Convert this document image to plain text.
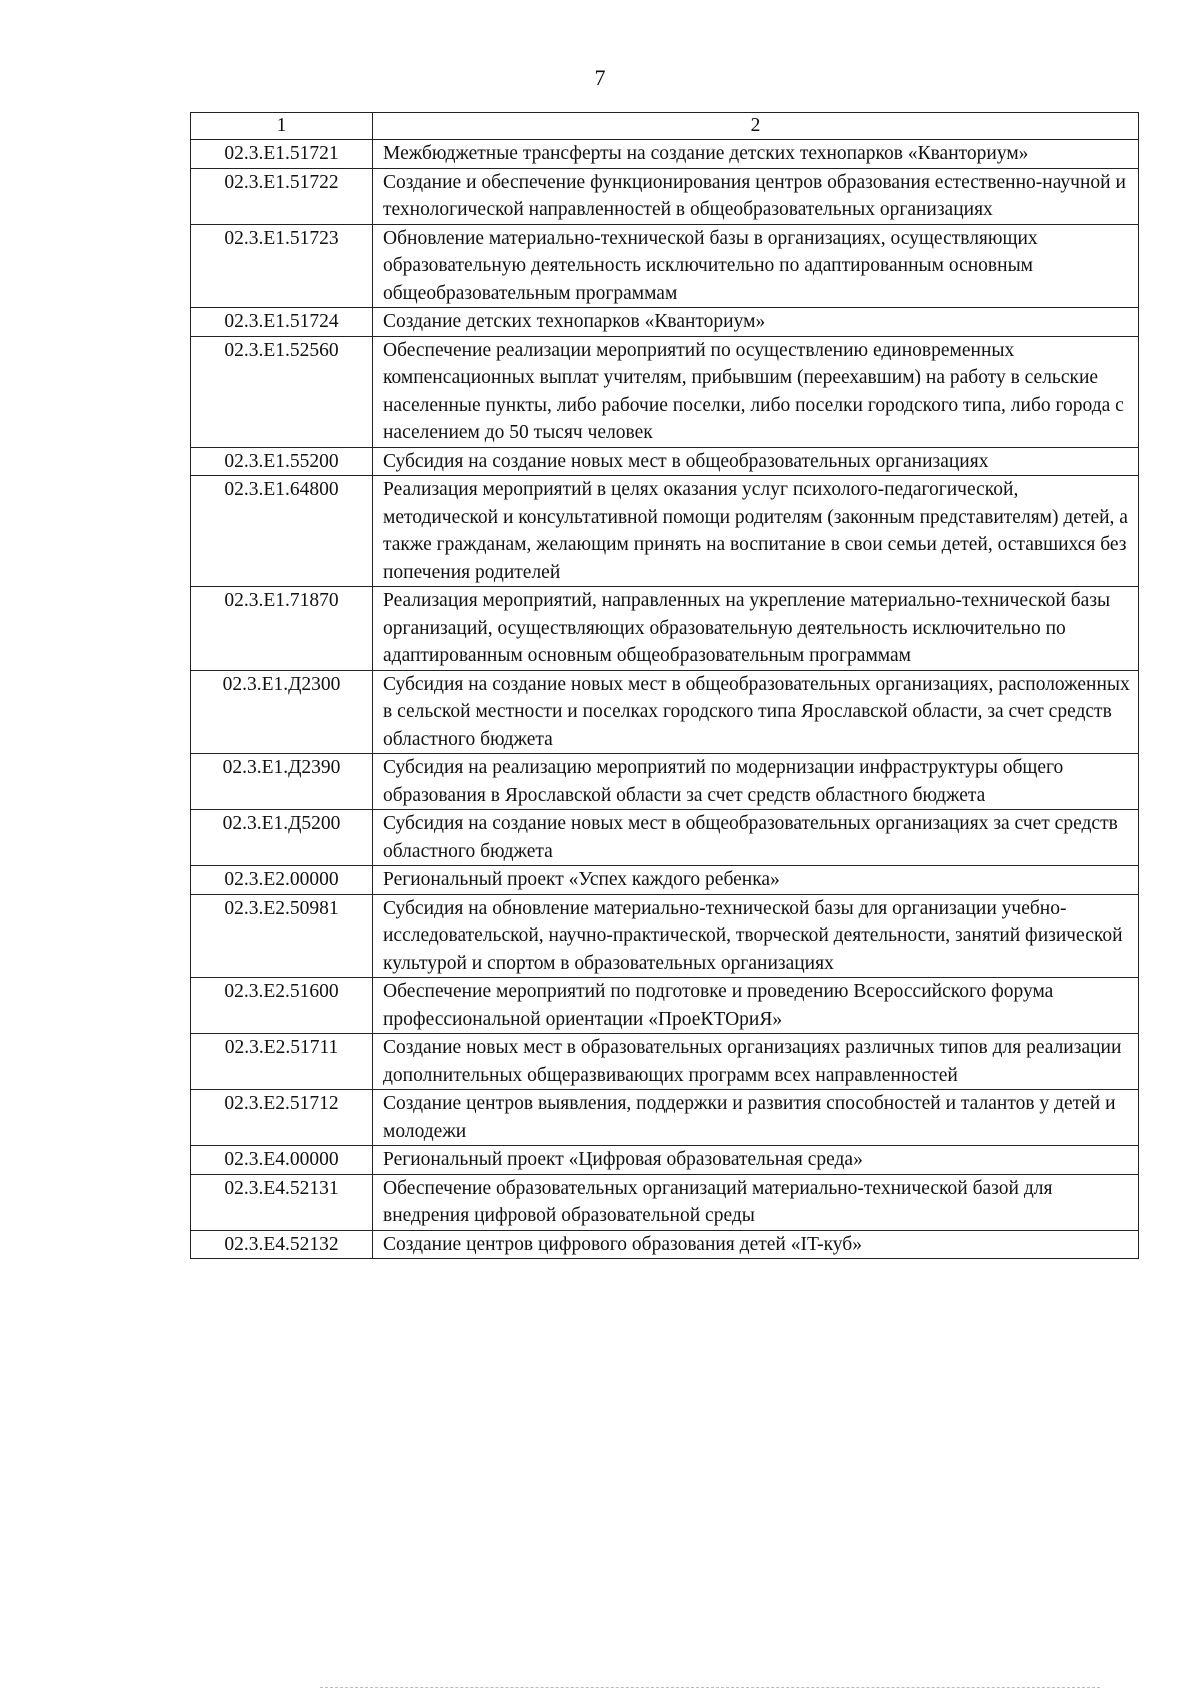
7
1	2
02.3.E1.51721	Межбюджетные трансферты на создание детских технопарков «Кванториум»
02.3.E1.51722	Создание и обеспечение функционирования центров образования естественно-научной и технологической направленностей в общеобразовательных организациях
02.3.E1.51723	Обновление материально-технической базы в организациях, осуществляющих образовательную деятельность исключительно по адаптированным основным общеобразовательным программам
02.3.E1.51724	Создание детских технопарков «Кванториум»
02.3.E1.52560	Обеспечение реализации мероприятий по осуществлению единовременных компенсационных выплат учителям, прибывшим (переехавшим) на работу в сельские населенные пункты, либо рабочие поселки, либо поселки городского типа, либо города с населением до 50 тысяч человек
02.3.E1.55200	Субсидия на создание новых мест в общеобразовательных организациях
02.3.E1.64800	Реализация мероприятий в целях оказания услуг психолого-педагогической, методической и консультативной помощи родителям (законным представителям) детей, а также гражданам, желающим принять на воспитание в свои семьи детей, оставшихся без попечения родителей
02.3.E1.71870	Реализация мероприятий, направленных на укрепление материально-технической базы организаций, осуществляющих образовательную деятельность исключительно по адаптированным основным общеобразовательным программам
02.3.E1.Д2300	Субсидия на создание новых мест в общеобразовательных организациях, расположенных в сельской местности и поселках городского типа Ярославской области, за счет средств областного бюджета
02.3.E1.Д2390	Субсидия на реализацию мероприятий по модернизации инфраструктуры общего образования в Ярославской области за счет средств областного бюджета
02.3.E1.Д5200	Субсидия на создание новых мест в общеобразовательных организациях за счет средств областного бюджета
02.3.E2.00000	Региональный проект «Успех каждого ребенка»
02.3.E2.50981	Субсидия на обновление материально-технической базы для организации учебно-исследовательской, научно-практической, творческой деятельности, занятий физической культурой и спортом в образовательных организациях
02.3.E2.51600	Обеспечение мероприятий по подготовке и проведению Всероссийского форума профессиональной ориентации «ПроеКТОриЯ»
02.3.E2.51711	Создание новых мест в образовательных организациях различных типов для реализации дополнительных общеразвивающих программ всех направленностей
02.3.E2.51712	Создание центров выявления, поддержки и развития способностей и талантов у детей и молодежи
02.3.E4.00000	Региональный проект «Цифровая образовательная среда»
02.3.E4.52131	Обеспечение образовательных организаций материально-технической базой для внедрения цифровой образовательной среды
02.3.E4.52132	Создание центров цифрового образования детей «IT-куб»
